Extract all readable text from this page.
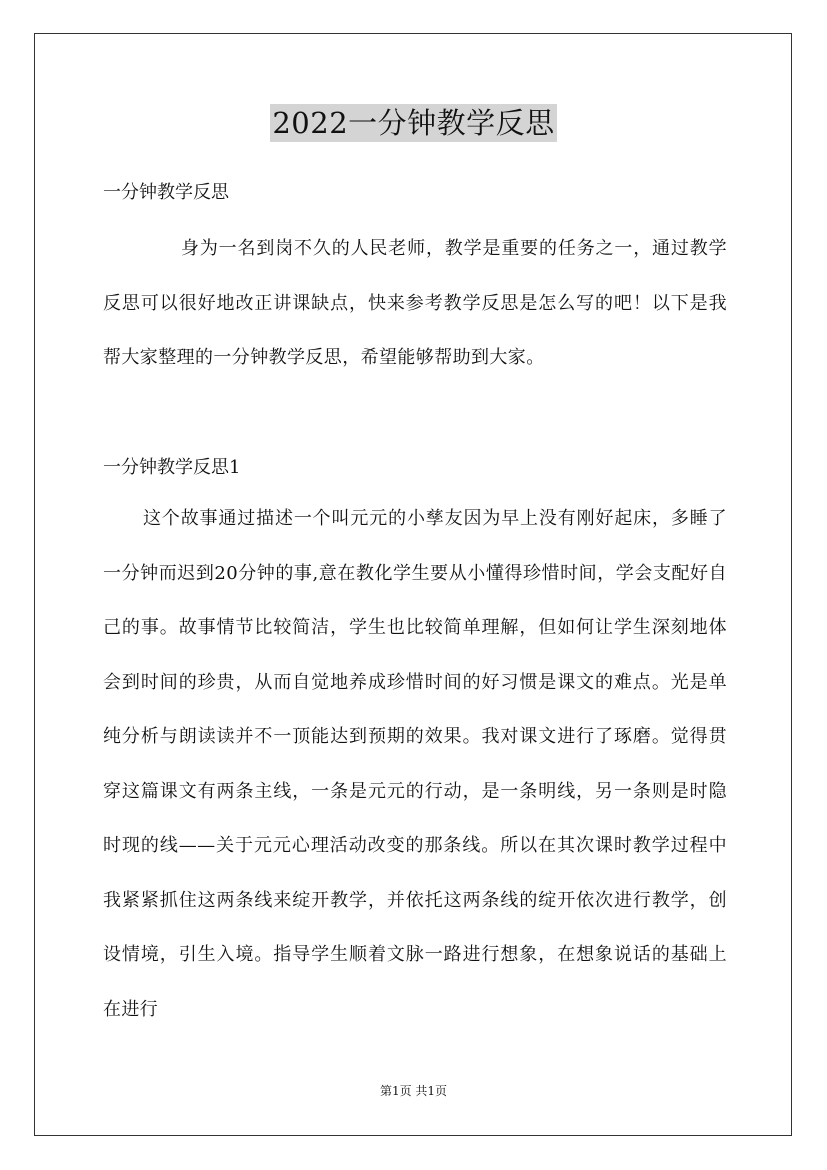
2022一分钟教学反思
一分钟教学反思

身为一名到岗不久的人民老师，教学是重要的任务之一，通过教学反思可以很好地改正讲课缺点，快来参考教学反思是怎么写的吧！以下是我帮大家整理的一分钟教学反思，希望能够帮助到大家。

一分钟教学反思1

这个故事通过描述一个叫元元的小孳友因为早上没有刚好起床，多睡了一分钟而迟到20分钟的事,意在教化学生要从小懂得珍惜时间，学会支配好自己的事。故事情节比较简洁，学生也比较简单理解，但如何让学生深刻地体会到时间的珍贵，从而自觉地养成珍惜时间的好习惯是课文的难点。光是单纯分析与朗读读并不一顶能达到预期的效果。我对课文进行了琢磨。觉得贯穿这篇课文有两条主线，一条是元元的行动，是一条明线，另一条则是时隐时现的线——关于元元心理活动改变的那条线。所以在其次课时教学过程中我紧紧抓住这两条线来绽开教学，并依托这两条线的绽开依次进行教学，创设情境，引生入境。指导学生顺着文脉一路进行想象，在想象说话的基础上在进行

第1页 共1页
